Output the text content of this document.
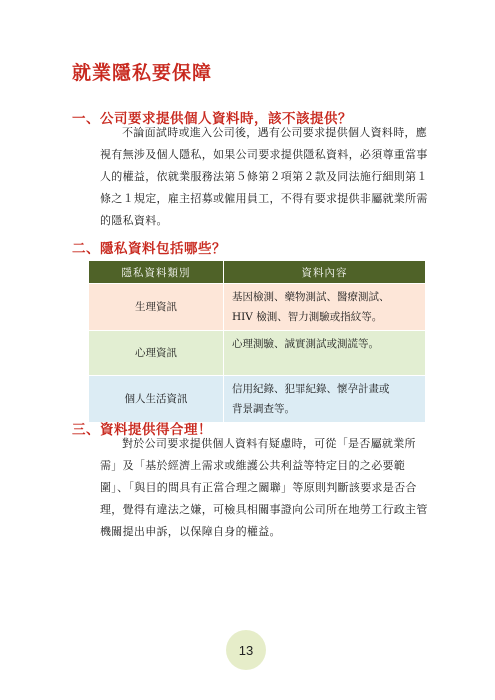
就業隱私要保障
一、公司要求提供個人資料時，該不該提供？
不論面試時或進入公司後，遇有公司要求提供個人資料時，應
視有無涉及個人隱私，如果公司要求提供隱私資料，必須尊重當事
人的權益，依就業服務法第５條第２項第２款及同法施行細則第１
條之１規定，雇主招募或僱用員工，不得有要求提供非屬就業所需
的隱私資料。
二、隱私資料包括哪些？
隱私資料類別	資料內容
生理資訊	基因檢測、藥物測試、醫療測試、
HIV 檢測、智力測驗或指紋等。

心理資訊	心理測驗、誠實測試或測謊等。

個人生活資訊	信用紀錄、犯罪紀錄、懷孕計畫或
背景調查等。
三、資料提供得合理！
對於公司要求提供個人資料有疑慮時，可從「是否屬就業所
需」及「基於經濟上需求或維護公共利益等特定目的之必要範
圍」、「與目的間具有正當合理之關聯」等原則判斷該要求是否合
理，覺得有違法之嫌，可檢具相關事證向公司所在地勞工行政主管
機關提出申訴，以保障自身的權益。
13
